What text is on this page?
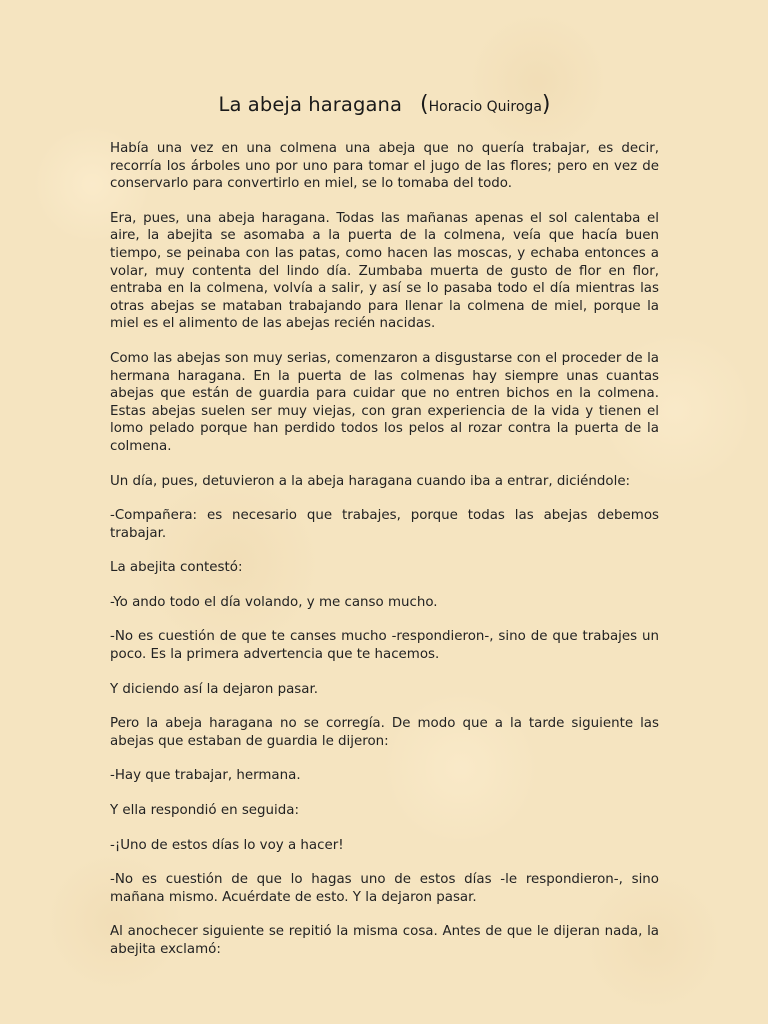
La abeja haragana (Horacio Quiroga)

Había una vez en una colmena una abeja que no quería trabajar, es decir, recorría los árboles uno por uno para tomar el jugo de las flores; pero en vez de conservarlo para convertirlo en miel, se lo tomaba del todo.

Era, pues, una abeja haragana. Todas las mañanas apenas el sol calentaba el aire, la abejita se asomaba a la puerta de la colmena, veía que hacía buen tiempo, se peinaba con las patas, como hacen las moscas, y echaba entonces a volar, muy contenta del lindo día. Zumbaba muerta de gusto de flor en flor, entraba en la colmena, volvía a salir, y así se lo pasaba todo el día mientras las otras abejas se mataban trabajando para llenar la colmena de miel, porque la miel es el alimento de las abejas recién nacidas.

Como las abejas son muy serias, comenzaron a disgustarse con el proceder de la hermana haragana. En la puerta de las colmenas hay siempre unas cuantas abejas que están de guardia para cuidar que no entren bichos en la colmena. Estas abejas suelen ser muy viejas, con gran experiencia de la vida y tienen el lomo pelado porque han perdido todos los pelos al rozar contra la puerta de la colmena.

Un día, pues, detuvieron a la abeja haragana cuando iba a entrar, diciéndole:

-Compañera: es necesario que trabajes, porque todas las abejas debemos trabajar.

La abejita contestó:

-Yo ando todo el día volando, y me canso mucho.

-No es cuestión de que te canses mucho -respondieron-, sino de que trabajes un poco. Es la primera advertencia que te hacemos.

Y diciendo así la dejaron pasar.

Pero la abeja haragana no se corregía. De modo que a la tarde siguiente las abejas que estaban de guardia le dijeron:

-Hay que trabajar, hermana.

Y ella respondió en seguida:

-¡Uno de estos días lo voy a hacer!

-No es cuestión de que lo hagas uno de estos días -le respondieron-, sino mañana mismo. Acuérdate de esto. Y la dejaron pasar.

Al anochecer siguiente se repitió la misma cosa. Antes de que le dijeran nada, la abejita exclamó:
